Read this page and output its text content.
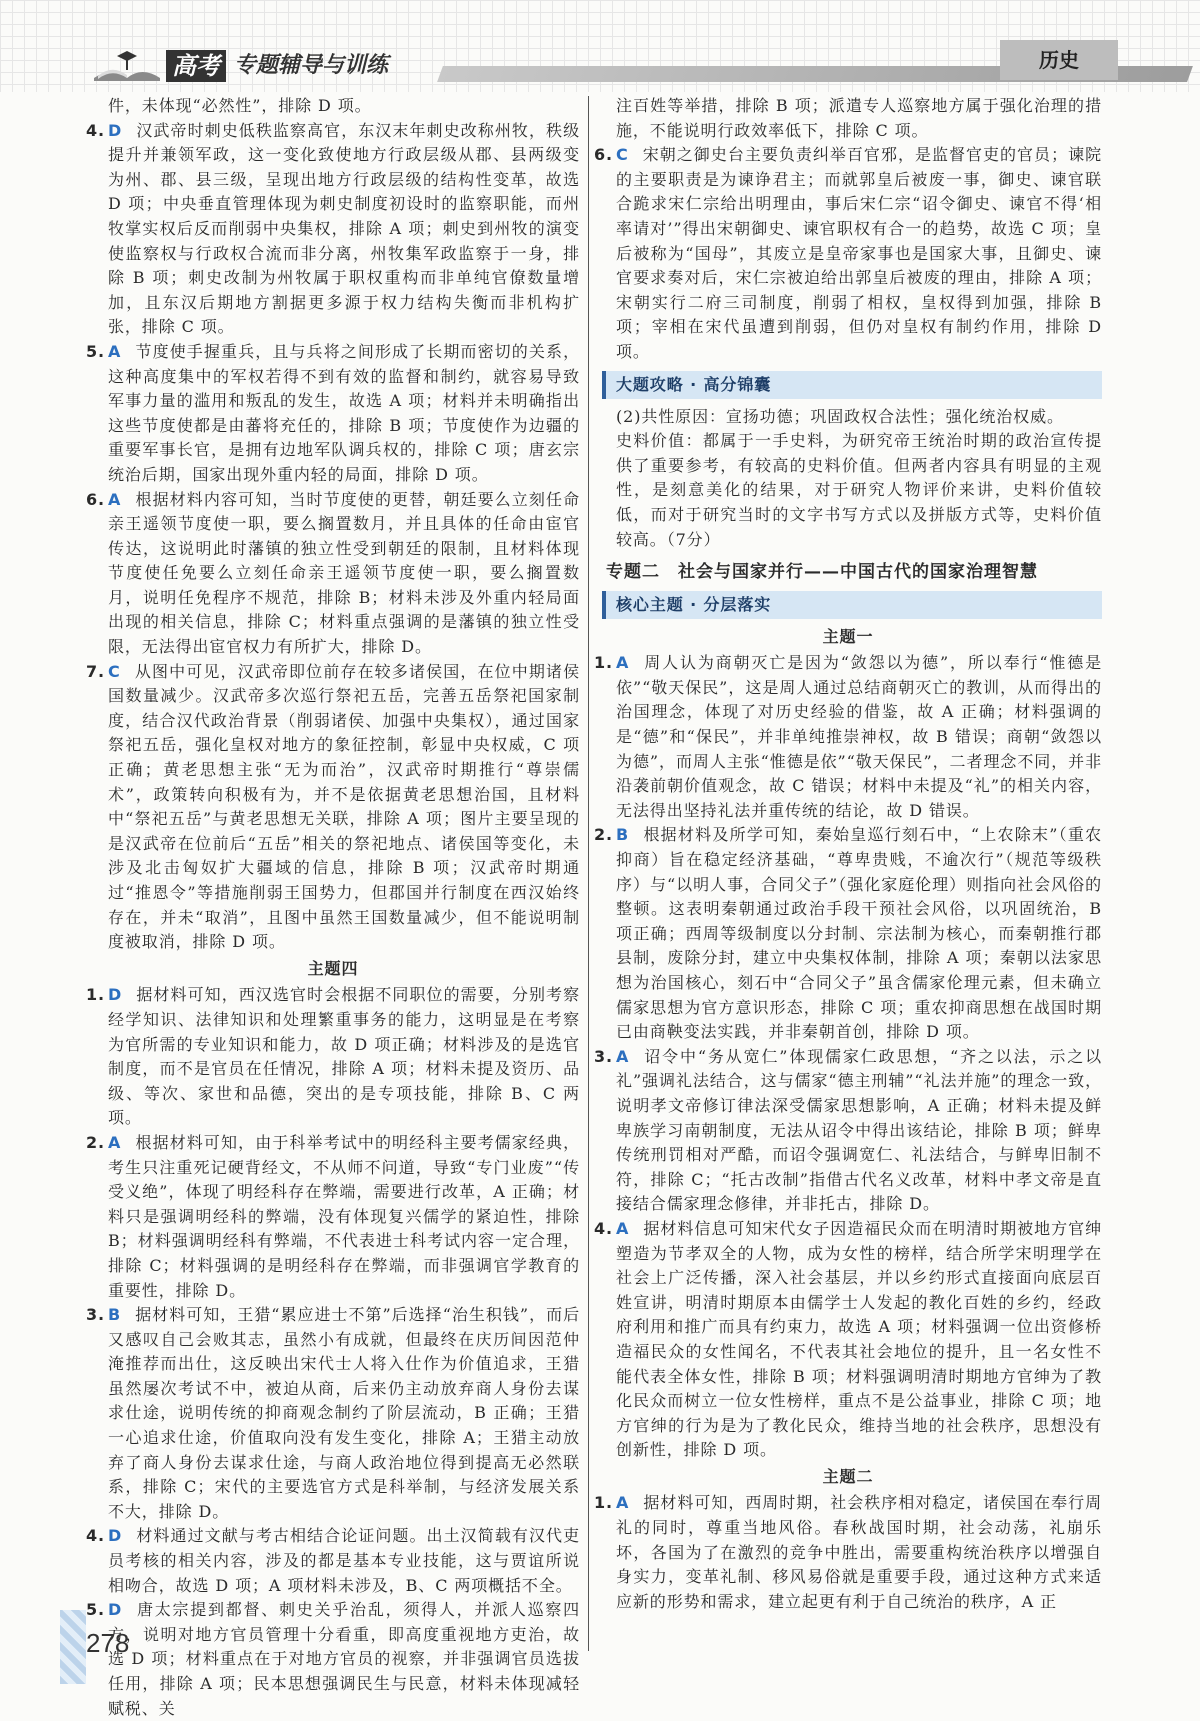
高考 专题辅导与训练	历史
件，未体现“必然性”，排除 D 项。
4. D 汉武帝时刺史低秩监察高官，东汉末年刺史改称州牧，秩级提升并兼领军政，这一变化致使地方行政层级从郡、县两级变为州、郡、县三级，呈现出地方行政层级的结构性变革，故选 D 项；中央垂直管理体现为刺史制度初设时的监察职能，而州牧掌实权后反而削弱中央集权，排除 A 项；刺史到州牧的演变使监察权与行政权合流而非分离，州牧集军政监察于一身，排除 B 项；刺史改制为州牧属于职权重构而非单纯官僚数量增加，且东汉后期地方割据更多源于权力结构失衡而非机构扩张，排除 C 项。
5. A 节度使手握重兵，且与兵将之间形成了长期而密切的关系，这种高度集中的军权若得不到有效的监督和制约，就容易导致军事力量的滥用和叛乱的发生，故选 A 项；材料并未明确指出这些节度使都是由蕃将充任的，排除 B 项；节度使作为边疆的重要军事长官，是拥有边地军队调兵权的，排除 C 项；唐玄宗统治后期，国家出现外重内轻的局面，排除 D 项。
6. A 根据材料内容可知，当时节度使的更替，朝廷要么立刻任命亲王遥领节度使一职，要么搁置数月，并且具体的任命由宦官传达，这说明此时藩镇的独立性受到朝廷的限制，且材料体现节度使任免要么立刻任命亲王遥领节度使一职，要么搁置数月，说明任免程序不规范，排除 B；材料未涉及外重内轻局面出现的相关信息，排除 C；材料重点强调的是藩镇的独立性受限，无法得出宦官权力有所扩大，排除 D。
7. C 从图中可见，汉武帝即位前存在较多诸侯国，在位中期诸侯国数量减少。汉武帝多次巡行祭祀五岳，完善五岳祭祀国家制度，结合汉代政治背景（削弱诸侯、加强中央集权），通过国家祭祀五岳，强化皇权对地方的象征控制，彰显中央权威，C 项正确；黄老思想主张“无为而治”，汉武帝时期推行“尊崇儒术”，政策转向积极有为，并不是依据黄老思想治国，且材料中“祭祀五岳”与黄老思想无关联，排除 A 项；图片主要呈现的是汉武帝在位前后“五岳”相关的祭祀地点、诸侯国等变化，未涉及北击匈奴扩大疆域的信息，排除 B 项；汉武帝时期通过“推恩令”等措施削弱王国势力，但郡国并行制度在西汉始终存在，并未“取消”，且图中虽然王国数量减少，但不能说明制度被取消，排除 D 项。
主题四
1. D 据材料可知，西汉选官时会根据不同职位的需要，分别考察经学知识、法律知识和处理繁重事务的能力，这明显是在考察为官所需的专业知识和能力，故 D 项正确；材料涉及的是选官制度，而不是官员在任情况，排除 A 项；材料未提及资历、品级、等次、家世和品德，突出的是专项技能，排除 B、C 两项。
2. A 根据材料可知，由于科举考试中的明经科主要考儒家经典，考生只注重死记硬背经文，不从师不问道，导致“专门业废”“传受义绝”，体现了明经科存在弊端，需要进行改革，A 正确；材料只是强调明经科的弊端，没有体现复兴儒学的紧迫性，排除 B；材料强调明经科有弊端，不代表进士科考试内容一定合理，排除 C；材料强调的是明经科存在弊端，而非强调官学教育的重要性，排除 D。
3. B 据材料可知，王猎“累应进士不第”后选择“治生积钱”，而后又感叹自己会败其志，虽然小有成就，但最终在庆历间因范仲淹推荐而出仕，这反映出宋代士人将入仕作为价值追求，王猎虽然屡次考试不中，被迫从商，后来仍主动放弃商人身份去谋求仕途，说明传统的抑商观念制约了阶层流动，B 正确；王猎一心追求仕途，价值取向没有发生变化，排除 A；王猎主动放弃了商人身份去谋求仕途，与商人政治地位得到提高无必然联系，排除 C；宋代的主要选官方式是科举制，与经济发展关系不大，排除 D。
4. D 材料通过文献与考古相结合论证问题。出土汉简载有汉代吏员考核的相关内容，涉及的都是基本专业技能，这与贾谊所说相吻合，故选 D 项；A 项材料未涉及，B、C 两项概括不全。
5. D 唐太宗提到都督、刺史关乎治乱，须得人，并派人巡察四方，说明对地方官员管理十分看重，即高度重视地方吏治，故选 D 项；材料重点在于对地方官员的视察，并非强调官员选拔任用，排除 A 项；民本思想强调民生与民意，材料未体现减轻赋税、关
注百姓等举措，排除 B 项；派遣专人巡察地方属于强化治理的措施，不能说明行政效率低下，排除 C 项。
6. C 宋朝之御史台主要负责纠举百官邪，是监督官吏的官员；谏院的主要职责是为谏诤君主；而就郭皇后被废一事，御史、谏官联合跪求宋仁宗给出明理由，事后宋仁宗“诏令御史、谏官不得‘相率请对’”得出宋朝御史、谏官职权有合一的趋势，故选 C 项；皇后被称为“国母”，其废立是皇帝家事也是国家大事，且御史、谏官要求奏对后，宋仁宗被迫给出郭皇后被废的理由，排除 A 项；宋朝实行二府三司制度，削弱了相权，皇权得到加强，排除 B 项；宰相在宋代虽遭到削弱，但仍对皇权有制约作用，排除 D 项。
大题攻略 · 高分锦囊
(2)共性原因：宣扬功德；巩固政权合法性；强化统治权威。
史料价值：都属于一手史料，为研究帝王统治时期的政治宣传提供了重要参考，有较高的史料价值。但两者内容具有明显的主观性，是刻意美化的结果，对于研究人物评价来讲，史料价值较低，而对于研究当时的文字书写方式以及拼版方式等，史料价值较高。（7分）
专题二　社会与国家并行——中国古代的国家治理智慧
核心主题 · 分层落实
主题一
1. A 周人认为商朝灭亡是因为“敛怨以为德”，所以奉行“惟德是依”“敬天保民”，这是周人通过总结商朝灭亡的教训，从而得出的治国理念，体现了对历史经验的借鉴，故 A 正确；材料强调的是“德”和“保民”，并非单纯推崇神权，故 B 错误；商朝“敛怨以为德”，而周人主张“惟德是依”“敬天保民”，二者理念不同，并非沿袭前朝价值观念，故 C 错误；材料中未提及“礼”的相关内容，无法得出坚持礼法并重传统的结论，故 D 错误。
2. B 根据材料及所学可知，秦始皇巡行刻石中，“上农除末”（重农抑商）旨在稳定经济基础，“尊卑贵贱，不逾次行”（规范等级秩序）与“以明人事，合同父子”（强化家庭伦理）则指向社会风俗的整顿。这表明秦朝通过政治手段干预社会风俗，以巩固统治，B 项正确；西周等级制度以分封制、宗法制为核心，而秦朝推行郡县制，废除分封，建立中央集权体制，排除 A 项；秦朝以法家思想为治国核心，刻石中“合同父子”虽含儒家伦理元素，但未确立儒家思想为官方意识形态，排除 C 项；重农抑商思想在战国时期已由商鞅变法实践，并非秦朝首创，排除 D 项。
3. A 诏令中“务从宽仁”体现儒家仁政思想，“齐之以法，示之以礼”强调礼法结合，这与儒家“德主刑辅”“礼法并施”的理念一致，说明孝文帝修订律法深受儒家思想影响，A 正确；材料未提及鲜卑族学习南朝制度，无法从诏令中得出该结论，排除 B 项；鲜卑传统刑罚相对严酷，而诏令强调宽仁、礼法结合，与鲜卑旧制不符，排除 C；“托古改制”指借古代名义改革，材料中孝文帝是直接结合儒家理念修律，并非托古，排除 D。
4. A 据材料信息可知宋代女子因造福民众而在明清时期被地方官绅塑造为节孝双全的人物，成为女性的榜样，结合所学宋明理学在社会上广泛传播，深入社会基层，并以乡约形式直接面向底层百姓宣讲，明清时期原本由儒学士人发起的教化百姓的乡约，经政府利用和推广而具有约束力，故选 A 项；材料强调一位出资修桥造福民众的女性闻名，不代表其社会地位的提升，且一名女性不能代表全体女性，排除 B 项；材料强调明清时期地方官绅为了教化民众而树立一位女性榜样，重点不是公益事业，排除 C 项；地方官绅的行为是为了教化民众，维持当地的社会秩序，思想没有创新性，排除 D 项。
主题二
1. A 据材料可知，西周时期，社会秩序相对稳定，诸侯国在奉行周礼的同时，尊重当地风俗。春秋战国时期，社会动荡，礼崩乐坏，各国为了在激烈的竞争中胜出，需要重构统治秩序以增强自身实力，变革礼制、移风易俗就是重要手段，通过这种方式来适应新的形势和需求，建立起更有利于自己统治的秩序，A 正
278
